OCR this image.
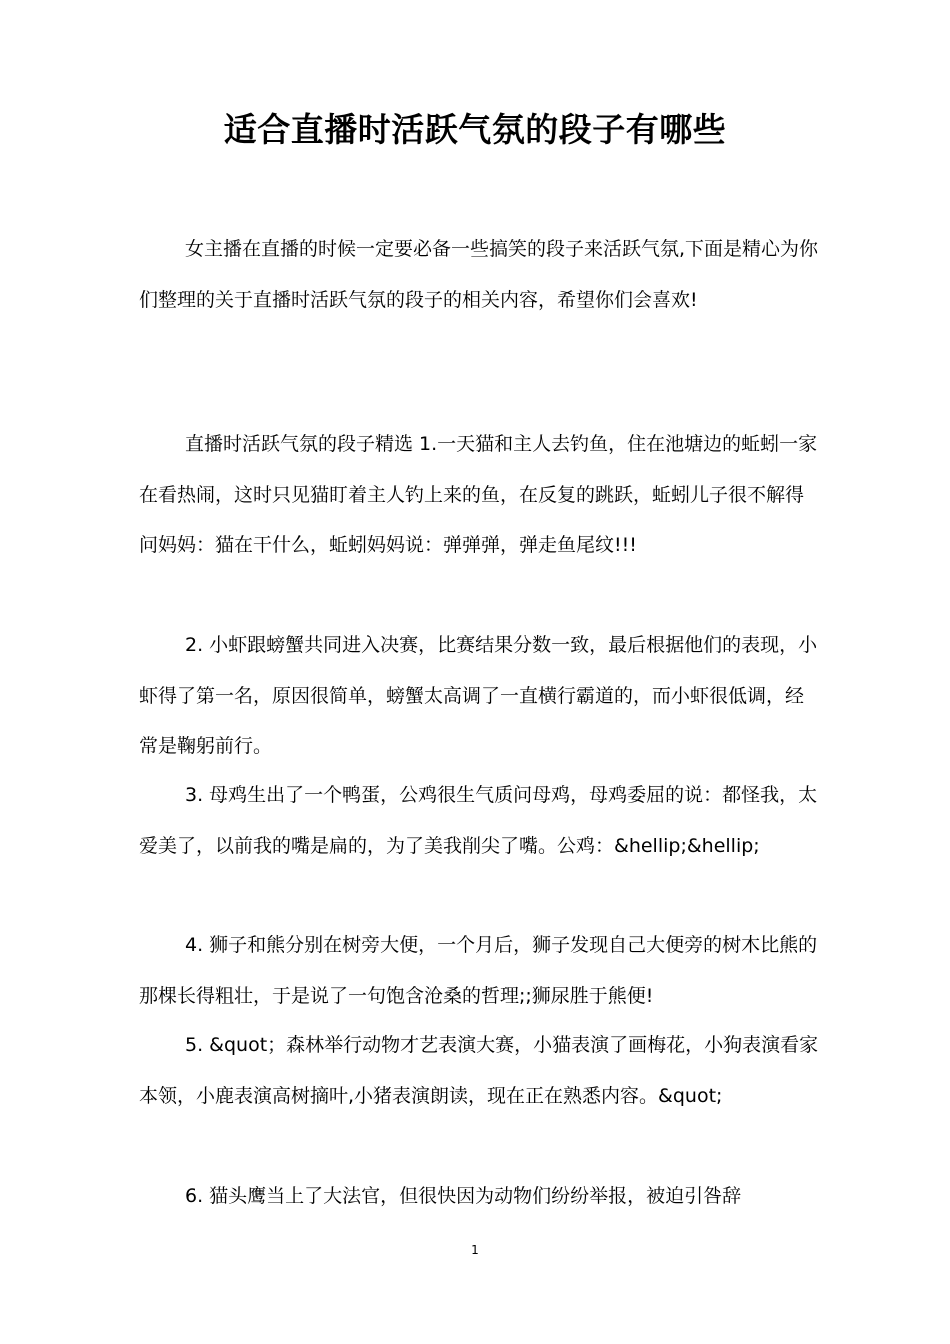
适合直播时活跃气氛的段子有哪些

女主播在直播的时候一定要必备一些搞笑的段子来活跃气氛,下面是精心为你们整理的关于直播时活跃气氛的段子的相关内容，希望你们会喜欢!

直播时活跃气氛的段子精选 1.一天猫和主人去钓鱼，住在池塘边的蚯蚓一家在看热闹，这时只见猫盯着主人钓上来的鱼，在反复的跳跃，蚯蚓儿子很不解得问妈妈：猫在干什么，蚯蚓妈妈说：弹弹弹，弹走鱼尾纹!!!

2. 小虾跟螃蟹共同进入决赛，比赛结果分数一致，最后根据他们的表现，小虾得了第一名，原因很简单，螃蟹太高调了一直横行霸道的，而小虾很低调，经常是鞠躬前行。

3. 母鸡生出了一个鸭蛋，公鸡很生气质问母鸡，母鸡委屈的说：都怪我，太爱美了，以前我的嘴是扁的，为了美我削尖了嘴。公鸡：&hellip;&hellip;

4. 狮子和熊分别在树旁大便，一个月后，狮子发现自己大便旁的树木比熊的那棵长得粗壮，于是说了一句饱含沧桑的哲理;;狮尿胜于熊便!

5. &quot；森林举行动物才艺表演大赛，小猫表演了画梅花，小狗表演看家本领，小鹿表演高树摘叶,小猪表演朗读，现在正在熟悉内容。&quot;

6. 猫头鹰当上了大法官，但很快因为动物们纷纷举报，被迫引咎辞

1
